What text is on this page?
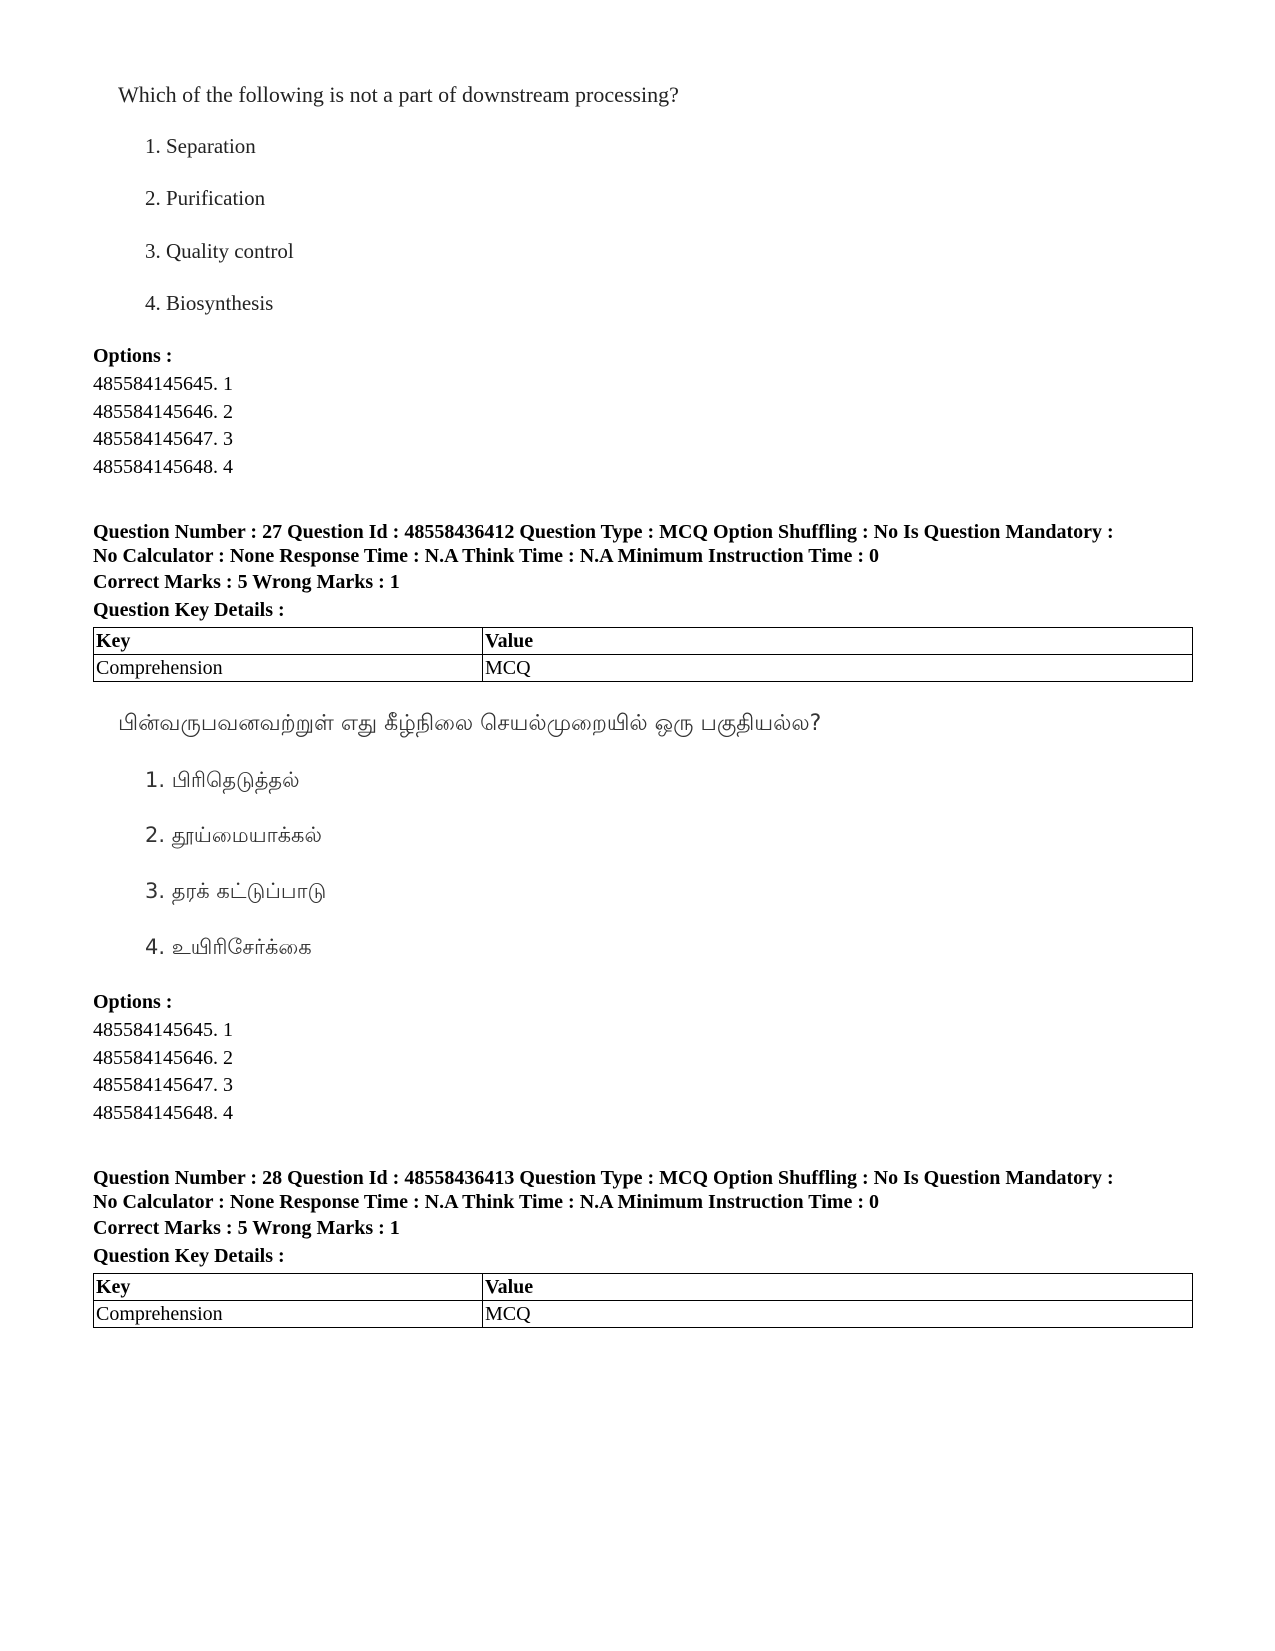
Which of the following is not a part of downstream processing?
1. Separation
2. Purification
3. Quality control
4. Biosynthesis
Options :
485584145645. 1
485584145646. 2
485584145647. 3
485584145648. 4
Question Number : 27 Question Id : 48558436412 Question Type : MCQ Option Shuffling : No Is Question Mandatory :
No Calculator : None Response Time : N.A Think Time : N.A Minimum Instruction Time : 0
Correct Marks : 5 Wrong Marks : 1
Question Key Details :
Key	Value
Comprehension	MCQ
பின்வருபவனவற்றுள் எது கீழ்நிலை செயல்முறையில் ஒரு பகுதியல்ல?
1. பிரிதெடுத்தல்
2. தூய்மையாக்கல்
3. தரக் கட்டுப்பாடு
4. உயிரிசேர்க்கை
Options :
485584145645. 1
485584145646. 2
485584145647. 3
485584145648. 4
Question Number : 28 Question Id : 48558436413 Question Type : MCQ Option Shuffling : No Is Question Mandatory :
No Calculator : None Response Time : N.A Think Time : N.A Minimum Instruction Time : 0
Correct Marks : 5 Wrong Marks : 1
Question Key Details :
Key	Value
Comprehension	MCQ
